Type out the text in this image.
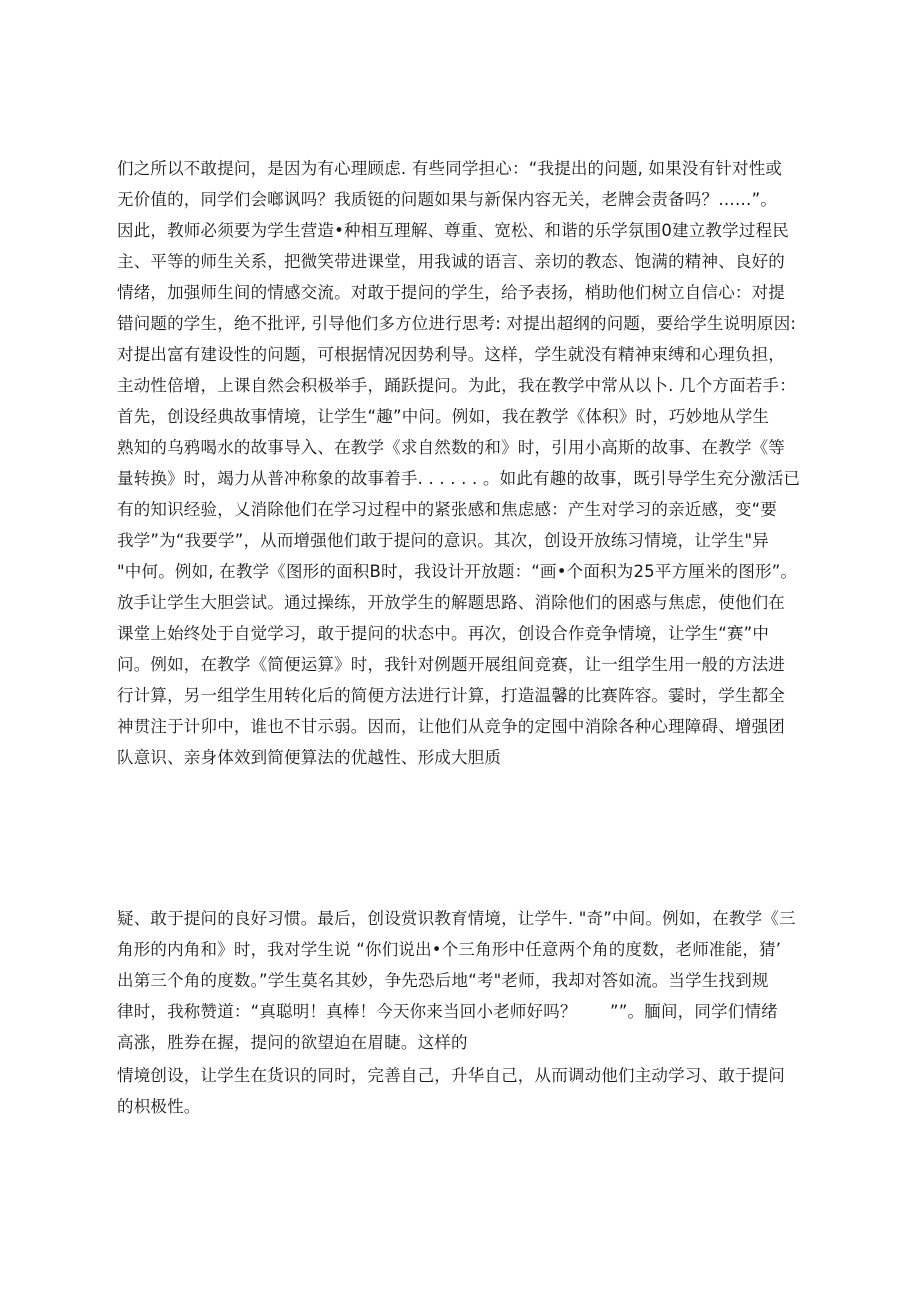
们之所以不敢提问，是因为有心理顾虑. 有些同学担心：“我提出的问题, 如果没有针对性或
无价值的，同学们会啷讽吗？我质铤的问题如果与新保内容无关，老牌会责备吗？……”。
因此，教师必须要为学生营造•种相互理解、尊重、宽松、和谐的乐学氛围0建立教学过程民
主、平等的师生关系，把微笑带进课堂，用我诚的语言、亲切的教态、饱满的精神、良好的
情绪，加强师生间的情感交流。对敢于提问的学生，给予表扬，梢助他们树立自信心：对提
错问题的学生，绝不批评, 引导他们多方位进行思考: 对提出超纲的问题，要给学生说明原因:
对提出富有建设性的问题，可根据情况因势利导。这样，学生就没有精神束缚和心理负担，
主动性倍增，上课自然会积极举手，踊跃提问。为此，我在教学中常从以卜. 几个方面若手：
首先，创设经典故事情境，让学生“趣”中问。例如，我在教学《体积》时，巧妙地从学生
熟知的乌鸦喝水的故事导入、在教学《求自然数的和》时，引用小高斯的故事、在教学《等
量转换》时，竭力从普冲称象的故事着手. . . . . . 。如此有趣的故事，既引导学生充分激活已
有的知识经验，乂消除他们在学习过程中的紧张感和焦虑感：产生对学习的亲近感，变“要
我学”为“我要学”，从而增强他们敢于提问的意识。其次，创设开放练习情境，让学生"异
"中何。例如, 在教学《图形的面积B时，我设计开放题：“画•个面积为25平方厘米的图形”。
放手让学生大胆尝试。通过操练，开放学生的解题思路、消除他们的困惑与焦虑，使他们在
课堂上始终处于自觉学习，敢于提问的状态中。再次，创设合作竞争情境，让学生“赛”中
问。例如，在教学《简便运算》时，我针对例题开展组间竞赛，让一组学生用一般的方法进
行计算，另一组学生用转化后的简便方法进行计算，打造温馨的比赛阵容。霎时，学生都全
神贯注于计卯中，谁也不甘示弱。因而，让他们从竞争的定囤中消除各种心理障碍、增强团
队意识、亲身体效到简便算法的优越性、形成大胆质
疑、敢于提问的良好习惯。最后，创设赏识教育情境，让学牛. "奇”中间。例如，在教学《三
角形的内角和》时，我对学生说 “你们说出•个三角形中任意两个角的度数，老师准能，猜’
出第三个角的度数。”学生莫名其妙，争先恐后地“考"老师，我却对答如流。当学生找到规
律时，我称赞道：“真聪明！真棒！今天你来当回小老师好吗？　　””。腼间，同学们情绪
高涨，胜券在握，提问的欲望迫在眉睫。这样的
情境创设，让学生在货识的同时，完善自己，升华自己，从而调动他们主动学习、敢于提问
的枳极性。
